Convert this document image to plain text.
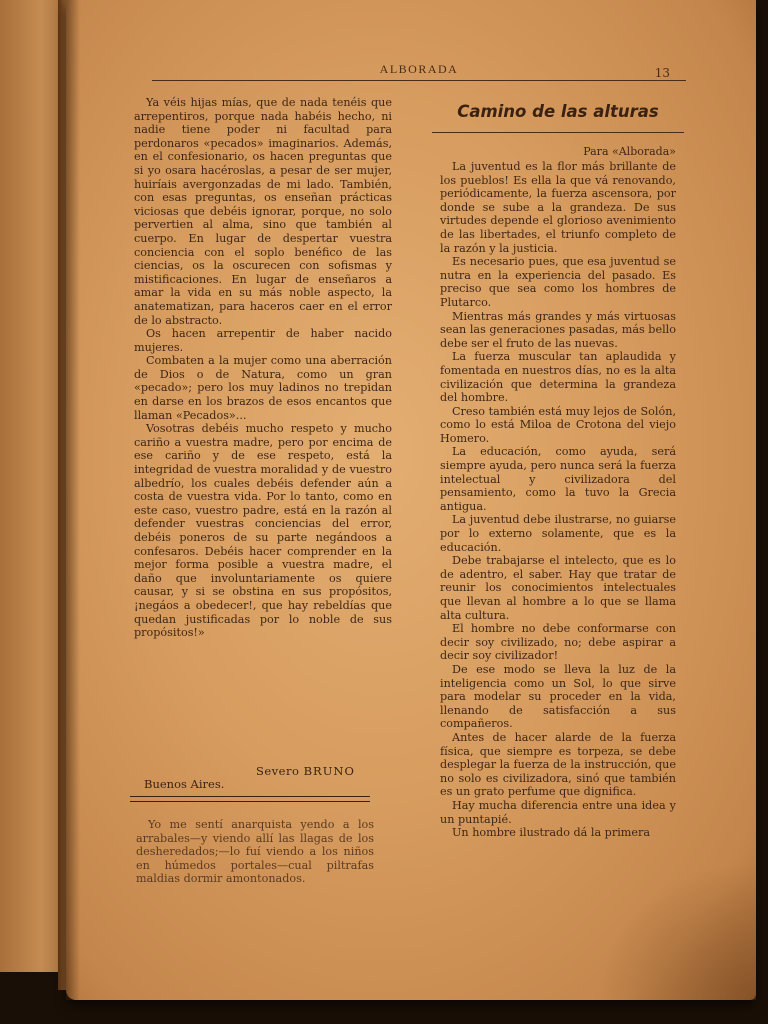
ALBORADA	13

Ya véis hijas mías, que de nada tenéis que arrepentiros, porque nada habéis hecho, ni nadie tiene poder ni facultad para perdonaros «pecados» imaginarios. Además, en el confesionario, os hacen preguntas que si yo osara hacéroslas, a pesar de ser mujer, huiríais avergonzadas de mi lado. También, con esas preguntas, os enseñan prácticas viciosas que debéis ignorar, porque, no solo pervertien al alma, sino que también al cuerpo. En lugar de despertar vuestra conciencia con el soplo benéfico de las ciencias, os la oscurecen con sofismas y mistificaciones. En lugar de enseñaros a amar la vida en su más noble aspecto, la anatematizan, para haceros caer en el error de lo abstracto.

Os hacen arrepentir de haber nacido mujeres.

Combaten a la mujer como una aberración de Dios o de Natura, como un gran «pecado»; pero los muy ladinos no trepidan en darse en los brazos de esos encantos que llaman «Pecados»...

Vosotras debéis mucho respeto y mucho cariño a vuestra madre, pero por encima de ese cariño y de ese respeto, está la integridad de vuestra moralidad y de vuestro albedrío, los cuales debéis defender aún a costa de vuestra vida. Por lo tanto, como en este caso, vuestro padre, está en la razón al defender vuestras conciencias del error, debéis poneros de su parte negándoos a confesaros. Debéis hacer comprender en la mejor forma posible a vuestra madre, el daño que involuntariamente os quiere causar, y si se obstina en sus propósitos, ¡negáos a obedecer!, que hay rebeldías que quedan justificadas por lo noble de sus propósitos!»

Severo BRUNO
Buenos Aires.

Yo me sentí anarquista yendo a los arrabales—y viendo allí las llagas de los desheredados;—lo fuí viendo a los niños en húmedos portales—cual piltrafas maldias dormir amontonados.

Camino de las alturas
Para «Alborada»

La juventud es la flor más brillante de los pueblos! Es ella la que vá renovando, periódicamente, la fuerza ascensora, por donde se sube a la grandeza. De sus virtudes depende el glorioso avenimiento de las libertades, el triunfo completo de la razón y la justicia.

Es necesario pues, que esa juventud se nutra en la experiencia del pasado. Es preciso que sea como los hombres de Plutarco.

Mientras más grandes y más virtuosas sean las generaciones pasadas, más bello debe ser el fruto de las nuevas.

La fuerza muscular tan aplaudida y fomentada en nuestros días, no es la alta civilización que determina la grandeza del hombre.

Creso también está muy lejos de Solón, como lo está Miloa de Crotona del viejo Homero.

La educación, como ayuda, será siempre ayuda, pero nunca será la fuerza intelectual y civilizadora del pensamiento, como la tuvo la Grecia antigua.

La juventud debe ilustrarse, no guiarse por lo externo solamente, que es la educación.

Debe trabajarse el intelecto, que es lo de adentro, el saber. Hay que tratar de reunir los conocimientos intelectuales que llevan al hombre a lo que se llama alta cultura.

El hombre no debe conformarse con decir soy civilizado, no; debe aspirar a decir soy civilizador!

De ese modo se lleva la luz de la inteligencia como un Sol, lo que sirve para modelar su proceder en la vida, llenando de satisfacción a sus compañeros.

Antes de hacer alarde de la fuerza física, que siempre es torpeza, se debe desplegar la fuerza de la instrucción, que no solo es civilizadora, sinó que también es un grato perfume que dignifica.

Hay mucha diferencia entre una idea y un puntapié.

Un hombre ilustrado dá la primera
